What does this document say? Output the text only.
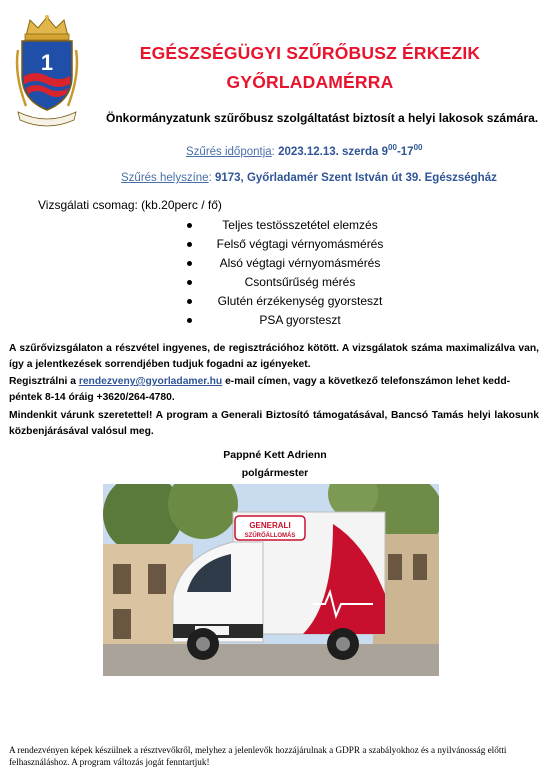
1	EGÉSZSÉGÜGYI SZŰRŐBUSZ ÉRKEZIK
GYŐRLADAMÉRRA
Önkormányzatunk szűrőbusz szolgáltatást biztosít a helyi lakosok számára.
Szűrés időpontja: 2023.12.13. szerda $9^{00}-17^{00}$
Szűrés helyszíne: 9173, Győrladamér Szent István út 39. Egészségház
Vizsgálati csomag: (kb.20perc / fő)
Teljes testösszetétel elemzés
Felső végtagi vérnyomásmérés
Alsó végtagi vérnyomásmérés
Csontsűrűség mérés
Glutén érzékenység gyorsteszt
PSA gyorsteszt
A szűrővizsgálaton a részvétel ingyenes, de regisztrációhoz kötött. A vizsgálatok száma maximalizálva van, így a jelentkezések sorrendjében tudjuk fogadni az igényeket.
Regisztrálni a rendezveny@gyorladamer.hu e-mail címen, vagy a következő telefonszámon lehet kedd-péntek 8-14 óráig +3620/264-4780.
Mindenkit várunk szeretettel! A program a Generali Biztosító támogatásával, Bancsó Tamás helyi lakosunk közbenjárásával valósul meg.
Pappné Kett Adrienn
polgármester
GENERALI
SZŰRŐÁLLOMÁS
A rendezvényen képek készülnek a résztvevőkről, melyhez a jelenlevők hozzájárulnak a GDPR a szabályokhoz és a nyilvánosság előtti felhasználáshoz. A program változás jogát fenntartjuk!
